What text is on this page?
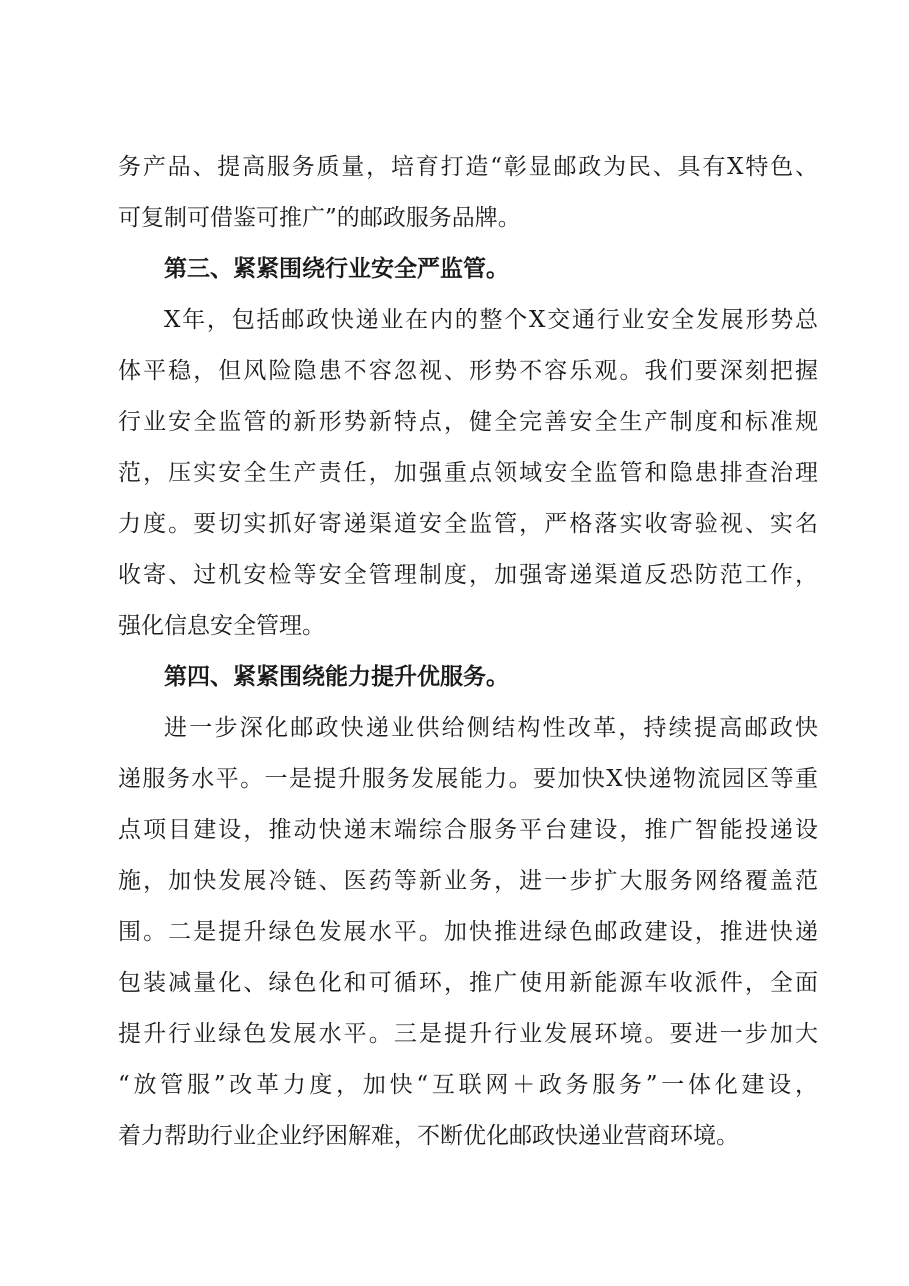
务产品、提高服务质量，培育打造“彰显邮政为民、具有X特色、
可复制可借鉴可推广”的邮政服务品牌。
第三、紧紧围绕行业安全严监管。
X年，包括邮政快递业在内的整个X交通行业安全发展形势总
体平稳，但风险隐患不容忽视、形势不容乐观。我们要深刻把握
行业安全监管的新形势新特点，健全完善安全生产制度和标准规
范，压实安全生产责任，加强重点领域安全监管和隐患排查治理
力度。要切实抓好寄递渠道安全监管，严格落实收寄验视、实名
收寄、过机安检等安全管理制度，加强寄递渠道反恐防范工作，
强化信息安全管理。
第四、紧紧围绕能力提升优服务。
进一步深化邮政快递业供给侧结构性改革，持续提高邮政快
递服务水平。一是提升服务发展能力。要加快X快递物流园区等重
点项目建设，推动快递末端综合服务平台建设，推广智能投递设
施，加快发展冷链、医药等新业务，进一步扩大服务网络覆盖范
围。二是提升绿色发展水平。加快推进绿色邮政建设，推进快递
包装减量化、绿色化和可循环，推广使用新能源车收派件，全面
提升行业绿色发展水平。三是提升行业发展环境。要进一步加大
“放管服”改革力度，加快“互联网＋政务服务”一体化建设，
着力帮助行业企业纾困解难，不断优化邮政快递业营商环境。
